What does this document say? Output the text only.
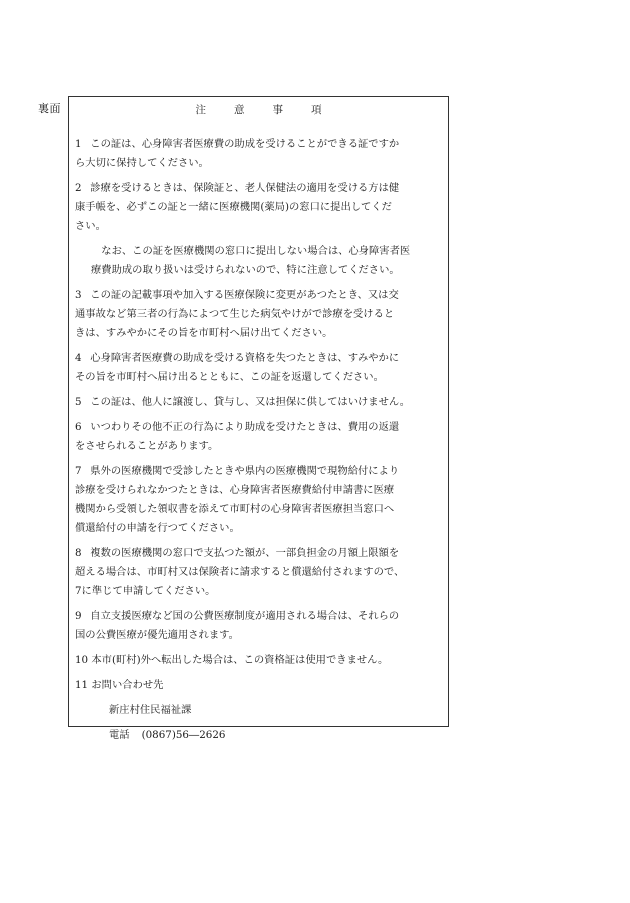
裏面	注意事項
1 この証は、心身障害者医療費の助成を受けることができる証ですか
ら大切に保持してください。
2 診療を受けるときは、保険証と、老人保健法の適用を受ける方は健
康手帳を、必ずこの証と一緒に医療機関(薬局)の窓口に提出してくだ
さい。
　なお、この証を医療機関の窓口に提出しない場合は、心身障害者医
療費助成の取り扱いは受けられないので、特に注意してください。
3 この証の記載事項や加入する医療保険に変更があつたとき、又は交
通事故など第三者の行為によつて生じた病気やけがで診療を受けると
きは、すみやかにその旨を市町村へ届け出てください。
4 心身障害者医療費の助成を受ける資格を失つたときは、すみやかに
その旨を市町村へ届け出るとともに、この証を返還してください。
5 この証は、他人に譲渡し、貸与し、又は担保に供してはいけません。
6 いつわりその他不正の行為により助成を受けたときは、費用の返還
をさせられることがあります。
7 県外の医療機関で受診したときや県内の医療機関で現物給付により
診療を受けられなかつたときは、心身障害者医療費給付申請書に医療
機関から受領した領収書を添えて市町村の心身障害者医療担当窓口へ
償還給付の申請を行つてください。
8 複数の医療機関の窓口で支払つた額が、一部負担金の月額上限額を
超える場合は、市町村又は保険者に請求すると償還給付されますので、
7に準じて申請してください。
9 自立支援医療など国の公費医療制度が適用される場合は、それらの
国の公費医療が優先適用されます。
10 本市(町村)外へ転出した場合は、この資格証は使用できません。
11 お問い合わせ先
新庄村住民福祉課
電話 (0867)56―2626
